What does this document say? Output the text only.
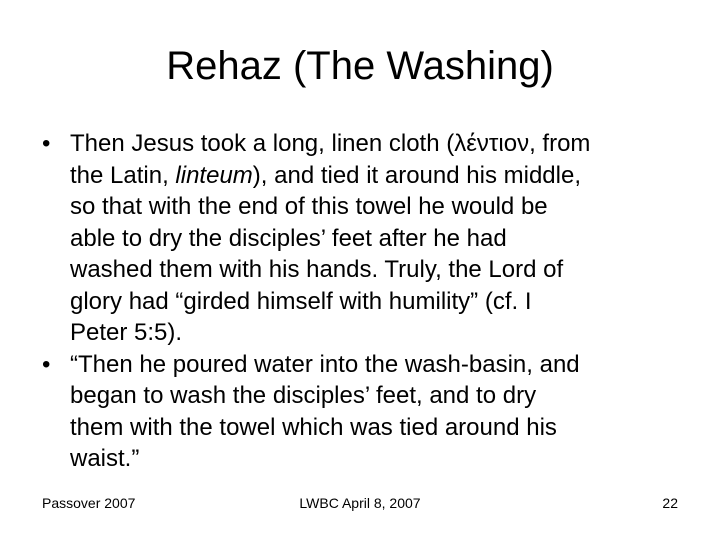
Rehaz (The Washing)
• Then Jesus took a long, linen cloth (λέντιον, from
the Latin, linteum), and tied it around his middle,
so that with the end of this towel he would be
able to dry the disciples’ feet after he had
washed them with his hands. Truly, the Lord of
glory had “girded himself with humility” (cf. I
Peter 5:5).
• “Then he poured water into the wash-basin, and
began to wash the disciples’ feet, and to dry
them with the towel which was tied around his
waist.”
Passover 2007	LWBC April 8, 2007	22
